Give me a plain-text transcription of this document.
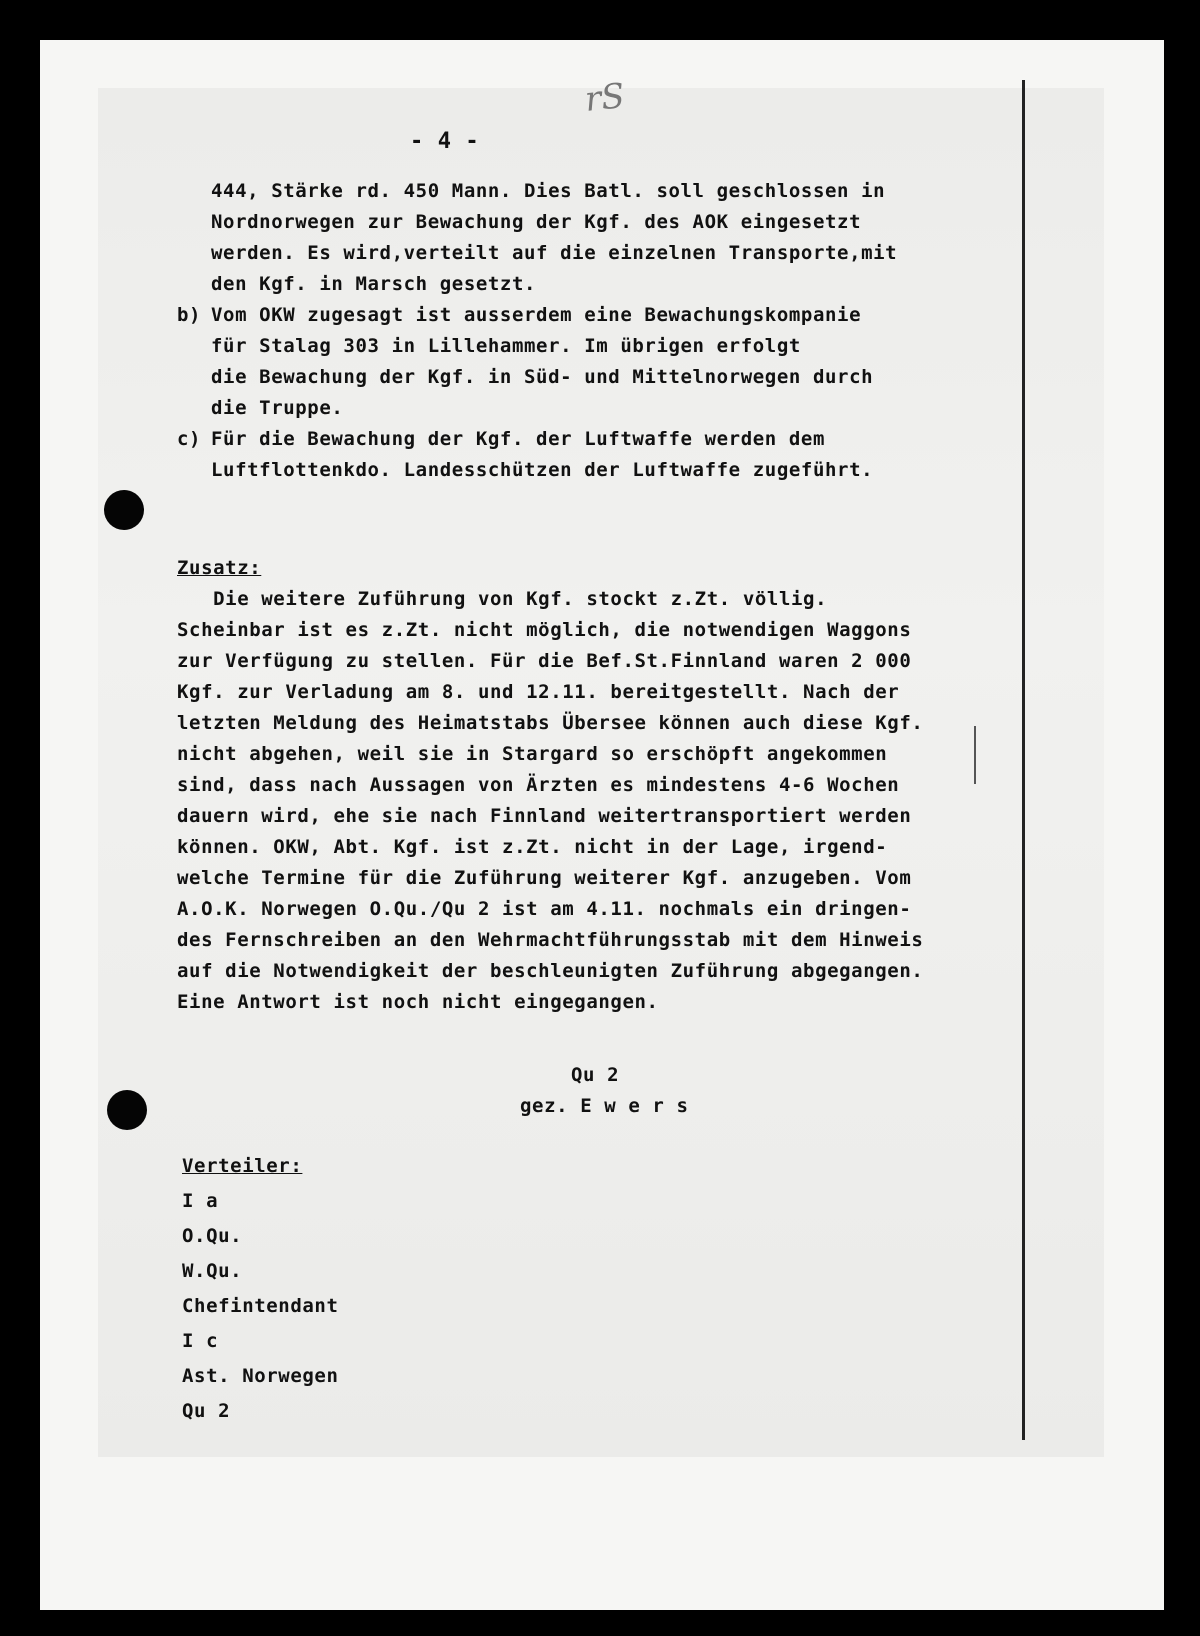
rS
- 4 -

444, Stärke rd. 450 Mann. Dies Batl. soll geschlossen in

Nordnorwegen zur Bewachung der Kgf. des AOK eingesetzt

werden. Es wird,verteilt auf die einzelnen Transporte,mit

den Kgf. in Marsch gesetzt.

b)

Vom OKW zugesagt ist ausserdem eine Bewachungskompanie

für Stalag 303 in Lillehammer. Im übrigen erfolgt

die Bewachung der Kgf. in Süd- und Mittelnorwegen durch

die Truppe.

c)

Für die Bewachung der Kgf. der Luftwaffe werden dem

Luftflottenkdo. Landesschützen der Luftwaffe zugeführt.

Zusatz:

Die weitere Zuführung von Kgf. stockt z.Zt. völlig.

Scheinbar ist es z.Zt. nicht möglich, die notwendigen Waggons

zur Verfügung zu stellen. Für die Bef.St.Finnland waren 2 000

Kgf. zur Verladung am 8. und 12.11. bereitgestellt. Nach der

letzten Meldung des Heimatstabs Übersee können auch diese Kgf.

nicht abgehen, weil sie in Stargard so erschöpft angekommen

sind, dass nach Aussagen von Ärzten es mindestens 4-6 Wochen

dauern wird, ehe sie nach Finnland weitertransportiert werden

können. OKW, Abt. Kgf. ist z.Zt. nicht in der Lage, irgend-

welche Termine für die Zuführung weiterer Kgf. anzugeben. Vom

A.O.K. Norwegen O.Qu./Qu 2 ist am 4.11. nochmals ein dringen-

des Fernschreiben an den Wehrmachtführungsstab mit dem Hinweis

auf die Notwendigkeit der beschleunigten Zuführung abgegangen.

Eine Antwort ist noch nicht eingegangen.

Qu 2
gez. E w e r s
Verteiler:

I a

O.Qu.

W.Qu.

Chefintendant

I c

Ast. Norwegen

Qu 2
